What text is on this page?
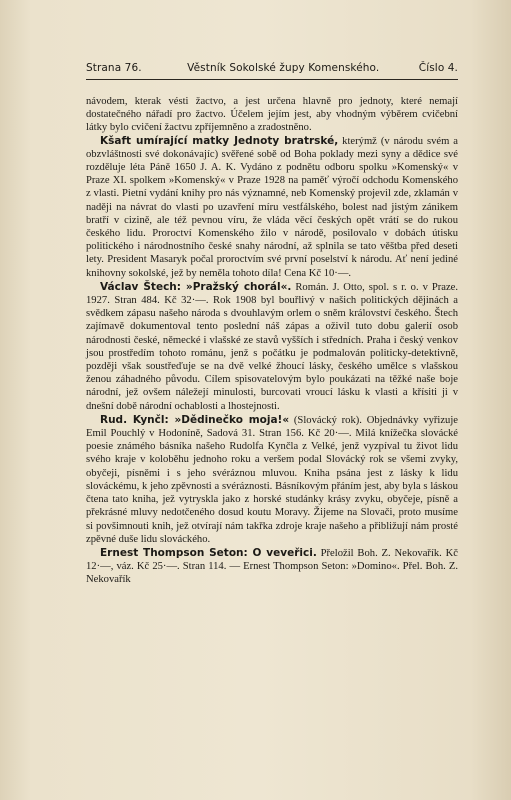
Strana 76.	Věstník Sokolské župy Komenského.	Číslo 4.

návodem, kterak vésti žactvo, a jest určena hlavně pro jednoty, které nemají dostatečného nářadí pro žactvo. Účelem jejím jest, aby vhodným výběrem cvičební látky bylo cvičení žactvu zpříjemněno a zradostněno.

Kšaft umírající matky Jednoty bratrské, kterýmž (v národu svém a obzvláštnosti své dokonávajíc) svěřené sobě od Boha poklady mezi syny a dědice své rozděluje léta Páně 1650 J. A. K. Vydáno z podnětu odboru spolku »Komenský« v Praze XI. spolkem »Komenský« v Praze 1928 na paměť výročí odchodu Komenského z vlasti. Pietní vydání knihy pro nás významné, neb Komenský projevil zde, zklamán v naději na návrat do vlasti po uzavření míru vestfálského, bolest nad jistým zánikem bratří v cizině, ale též pevnou víru, že vláda věcí českých opět vrátí se do rukou českého lidu. Proroctví Komenského žilo v národě, posilovalo v dobách útisku politického i národnostního české snahy národní, až splnila se tato věštba před deseti lety. President Masaryk počal proroctvím své první poselství k národu. Ať není jediné knihovny sokolské, jež by neměla tohoto díla! Cena Kč 10·—.

Václav Štech: »Pražský chorál«. Román. J. Otto, spol. s r. o. v Praze. 1927. Stran 484. Kč 32·—. Rok 1908 byl bouřlivý v našich politických dějinách a svědkem zápasu našeho národa s dvouhlavým orlem o sněm království českého. Štech zajímavě dokumentoval tento poslední náš zápas a oživil tuto dobu galerií osob národnosti české, německé i vlašské ze stavů vyšších i středních. Praha i český venkov jsou prostředím tohoto románu, jenž s počátku je podmalován politicky-detektivně, později však soustřeďuje se na dvě velké žhoucí lásky, českého umělce s vlašskou ženou záhadného původu. Cílem spisovatelovým bylo poukázati na těžké naše boje národní, jež ovšem náležejí minulosti, burcovati vroucí lásku k vlasti a křísiti ji v dnešní době národní ochablosti a lhostejnosti.

Rud. Kynčl: »Dědinečko moja!« (Slovácký rok). Objednávky vyřizuje Emil Pouchlý v Hodoníně, Sadová 31. Stran 156. Kč 20·—. Milá knížečka slovácké poesie známého básníka našeho Rudolfa Kynčla z Velké, jenž vyzpíval tu život lidu svého kraje v koloběhu jednoho roku a veršem podal Slovácký rok se všemi zvyky, obyčeji, písněmi i s jeho svéráznou mluvou. Kniha psána jest z lásky k lidu slováckému, k jeho zpěvnosti a svéráznosti. Básníkovým přáním jest, aby byla s láskou čtena tato kniha, jež vytryskla jako z horské studánky krásy zvyku, obyčeje, písně a překrásné mluvy nedotčeného dosud koutu Moravy. Žijeme na Slovači, proto musíme si povšimnouti knih, jež otvírají nám takřka zdroje kraje našeho a přibližují nám prosté zpěvné duše lidu slováckého.

Ernest Thompson Seton: O veveřici. Přeložil Boh. Z. Nekovařík. Kč 12·—, váz. Kč 25·—. Stran 114. — Ernest Thompson Seton: »Domino«. Přel. Boh. Z. Nekovařík
